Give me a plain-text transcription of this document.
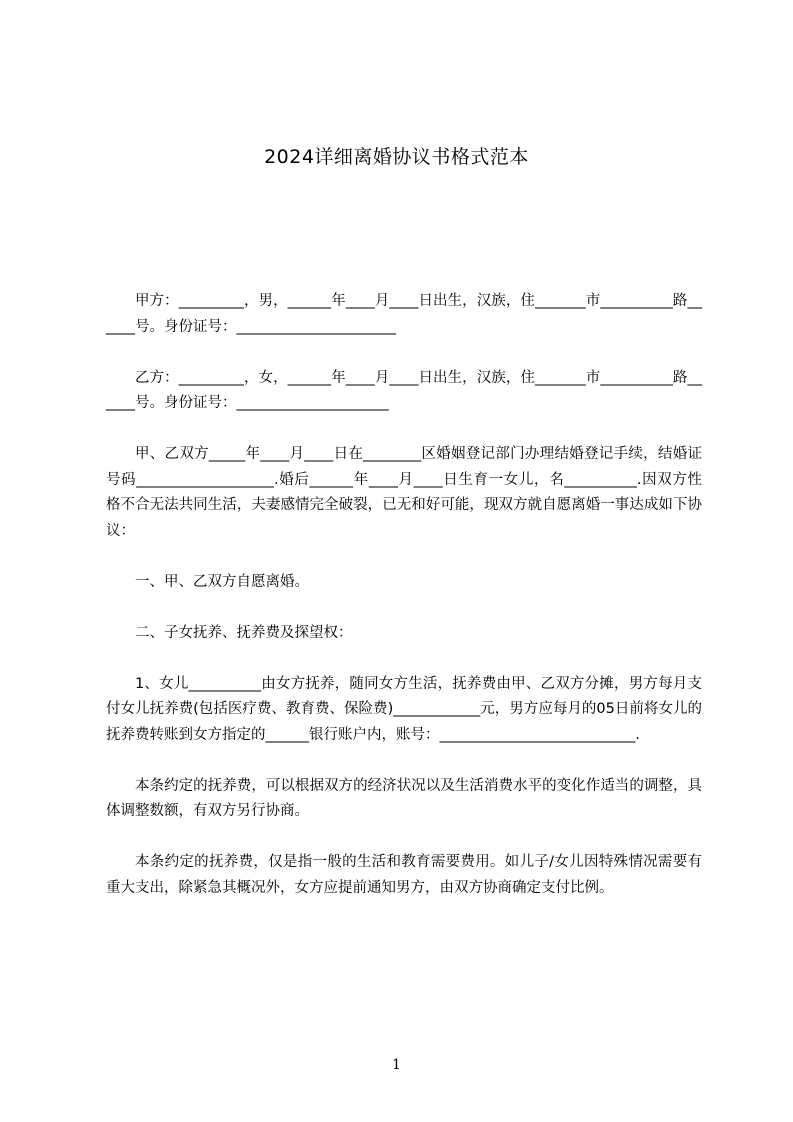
2024详细离婚协议书格式范本

甲方：_________，男，______年____月____日出生，汉族，住_______市__________路______号。身份证号：______________________

乙方：_________，女，______年____月____日出生，汉族，住_______市__________路______号。身份证号：_____________________

甲、乙双方_____年____月____日在________区婚姻登记部门办理结婚登记手续，结婚证号码___________________.婚后______年____月____日生育一女儿，名__________.因双方性格不合无法共同生活，夫妻感情完全破裂，已无和好可能，现双方就自愿离婚一事达成如下协议：

一、甲、乙双方自愿离婚。

二、子女抚养、抚养费及探望权：

1、女儿__________由女方抚养，随同女方生活，抚养费由甲、乙双方分摊，男方每月支付女儿抚养费(包括医疗费、教育费、保险费)____________元，男方应每月的05日前将女儿的抚养费转账到女方指定的______银行账户内，账号：___________________________.

本条约定的抚养费，可以根据双方的经济状况以及生活消费水平的变化作适当的调整，具体调整数额，有双方另行协商。

本条约定的抚养费，仅是指一般的生活和教育需要费用。如儿子/女儿因特殊情况需要有重大支出，除紧急其概况外，女方应提前通知男方，由双方协商确定支付比例。

1
